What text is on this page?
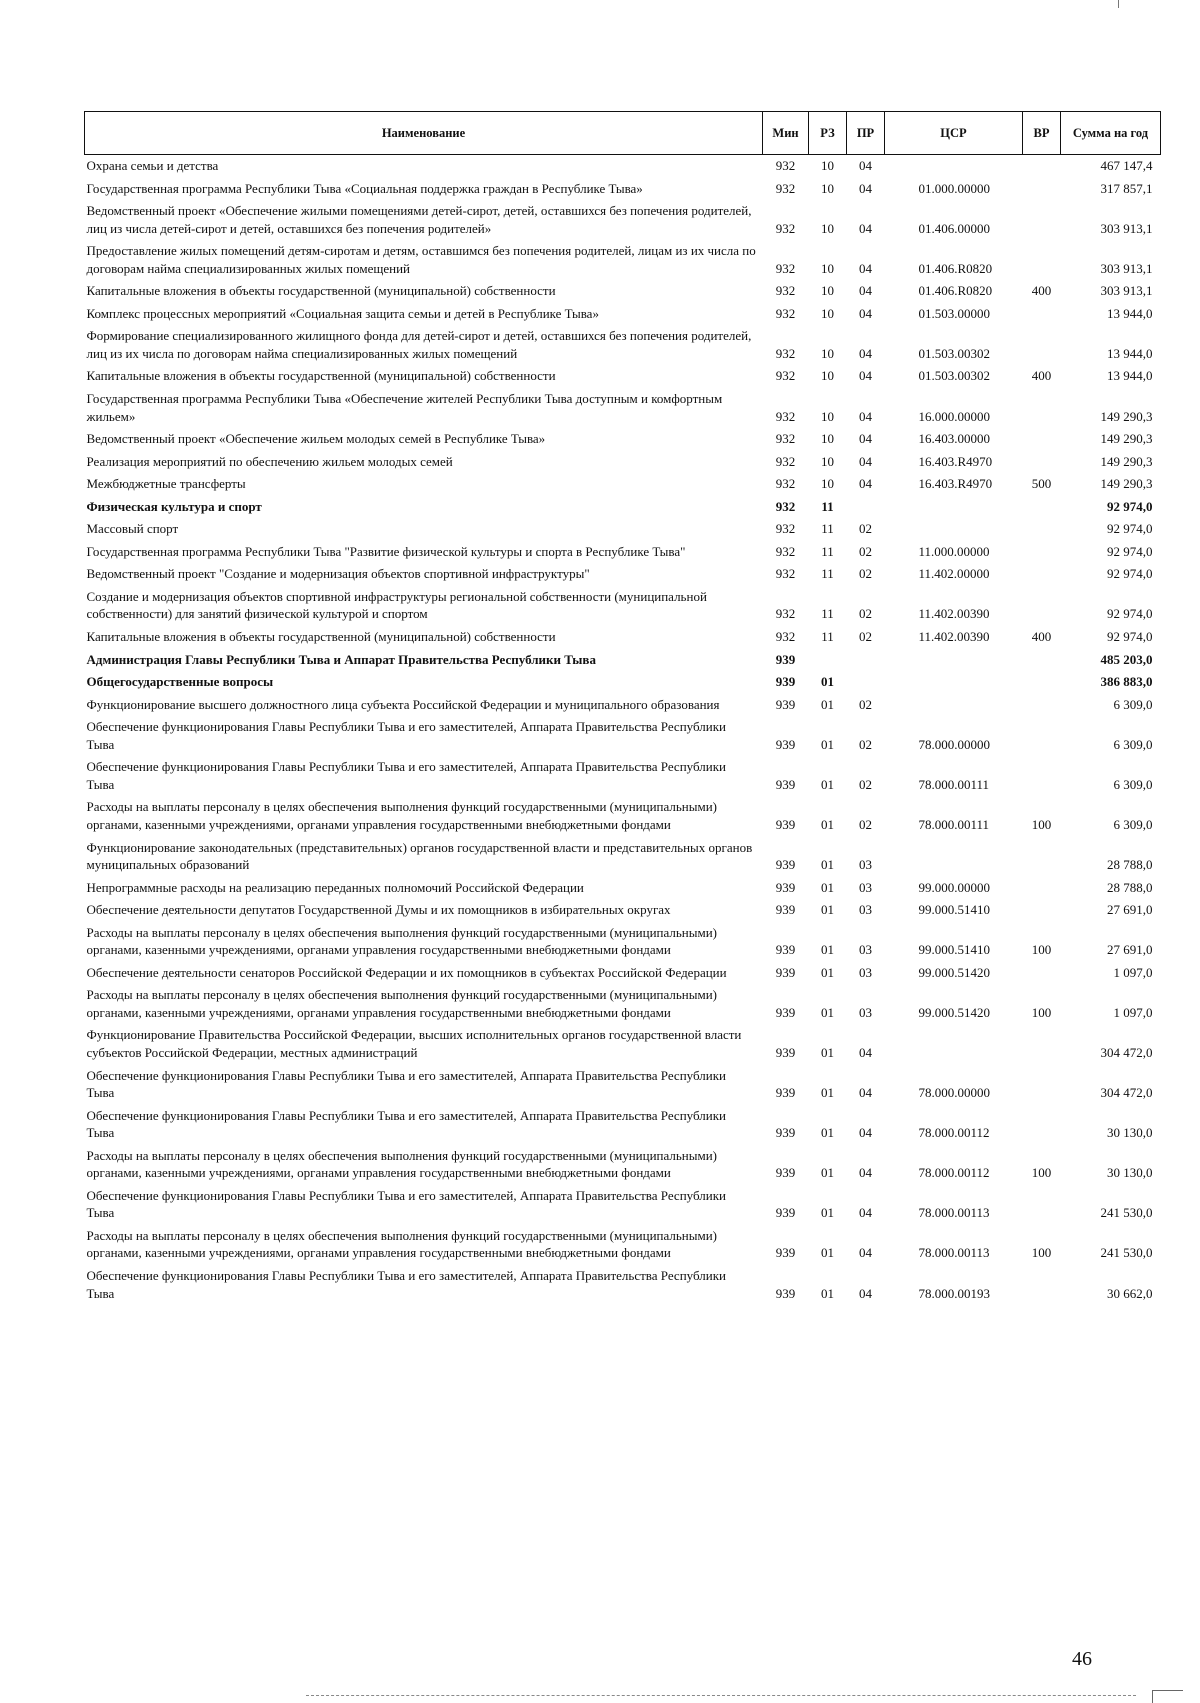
Наименование	Мин	РЗ	ПР	ЦСР	ВР	Сумма на год
Охрана семьи и детства	932	10	04			467 147,4
Государственная программа Республики Тыва «Социальная поддержка граждан в Республике Тыва»	932	10	04	01.000.00000		317 857,1
Ведомственный проект «Обеспечение жилыми помещениями детей-сирот, детей, оставшихся без попечения родителей, лиц из числа детей-сирот и детей, оставшихся без попечения родителей»	932	10	04	01.406.00000		303 913,1
Предоставление жилых помещений детям-сиротам и детям, оставшимся без попечения родителей, лицам из их числа по договорам найма специализированных жилых помещений	932	10	04	01.406.R0820		303 913,1
Капитальные вложения в объекты государственной (муниципальной) собственности	932	10	04	01.406.R0820	400	303 913,1
Комплекс процессных мероприятий «Социальная защита семьи и детей в Республике Тыва»	932	10	04	01.503.00000		13 944,0
Формирование специализированного жилищного фонда для детей-сирот и детей, оставшихся без попечения родителей, лиц из их числа по договорам найма специализированных жилых помещений	932	10	04	01.503.00302		13 944,0
Капитальные вложения в объекты государственной (муниципальной) собственности	932	10	04	01.503.00302	400	13 944,0
Государственная программа Республики Тыва «Обеспечение жителей Республики Тыва доступным и комфортным жильем»	932	10	04	16.000.00000		149 290,3
Ведомственный проект «Обеспечение жильем молодых семей в Республике Тыва»	932	10	04	16.403.00000		149 290,3
Реализация мероприятий по обеспечению жильем молодых семей	932	10	04	16.403.R4970		149 290,3
Межбюджетные трансферты	932	10	04	16.403.R4970	500	149 290,3
Физическая культура и спорт	932	11				92 974,0
Массовый спорт	932	11	02			92 974,0
Государственная программа Республики Тыва "Развитие физической культуры и спорта в Республике Тыва"	932	11	02	11.000.00000		92 974,0
Ведомственный проект "Создание и модернизация объектов спортивной инфраструктуры"	932	11	02	11.402.00000		92 974,0
Создание и модернизация объектов спортивной инфраструктуры региональной собственности (муниципальной собственности) для занятий физической культурой и спортом	932	11	02	11.402.00390		92 974,0
Капитальные вложения в объекты государственной (муниципальной) собственности	932	11	02	11.402.00390	400	92 974,0
Администрация Главы Республики Тыва и Аппарат Правительства Республики Тыва	939					485 203,0
Общегосударственные вопросы	939	01				386 883,0
Функционирование высшего должностного лица субъекта Российской Федерации и муниципального образования	939	01	02			6 309,0
Обеспечение функционирования Главы Республики Тыва и его заместителей, Аппарата Правительства Республики Тыва	939	01	02	78.000.00000		6 309,0
Обеспечение функционирования Главы Республики Тыва и его заместителей, Аппарата Правительства Республики Тыва	939	01	02	78.000.00111		6 309,0
Расходы на выплаты персоналу в целях обеспечения выполнения функций государственными (муниципальными) органами, казенными учреждениями, органами управления государственными внебюджетными фондами	939	01	02	78.000.00111	100	6 309,0
Функционирование законодательных (представительных) органов государственной власти и представительных органов муниципальных образований	939	01	03			28 788,0
Непрограммные расходы на реализацию переданных полномочий Российской Федерации	939	01	03	99.000.00000		28 788,0
Обеспечение деятельности депутатов Государственной Думы и их помощников в избирательных округах	939	01	03	99.000.51410		27 691,0
Расходы на выплаты персоналу в целях обеспечения выполнения функций государственными (муниципальными) органами, казенными учреждениями, органами управления государственными внебюджетными фондами	939	01	03	99.000.51410	100	27 691,0
Обеспечение деятельности сенаторов Российской Федерации и их помощников в субъектах Российской Федерации	939	01	03	99.000.51420		1 097,0
Расходы на выплаты персоналу в целях обеспечения выполнения функций государственными (муниципальными) органами, казенными учреждениями, органами управления государственными внебюджетными фондами	939	01	03	99.000.51420	100	1 097,0
Функционирование Правительства Российской Федерации, высших исполнительных органов государственной власти субъектов Российской Федерации, местных администраций	939	01	04			304 472,0
Обеспечение функционирования Главы Республики Тыва и его заместителей, Аппарата Правительства Республики Тыва	939	01	04	78.000.00000		304 472,0
Обеспечение функционирования Главы Республики Тыва и его заместителей, Аппарата Правительства Республики Тыва	939	01	04	78.000.00112		30 130,0
Расходы на выплаты персоналу в целях обеспечения выполнения функций государственными (муниципальными) органами, казенными учреждениями, органами управления государственными внебюджетными фондами	939	01	04	78.000.00112	100	30 130,0
Обеспечение функционирования Главы Республики Тыва и его заместителей, Аппарата Правительства Республики Тыва	939	01	04	78.000.00113		241 530,0
Расходы на выплаты персоналу в целях обеспечения выполнения функций государственными (муниципальными) органами, казенными учреждениями, органами управления государственными внебюджетными фондами	939	01	04	78.000.00113	100	241 530,0
Обеспечение функционирования Главы Республики Тыва и его заместителей, Аппарата Правительства Республики Тыва	939	01	04	78.000.00193		30 662,0
46
